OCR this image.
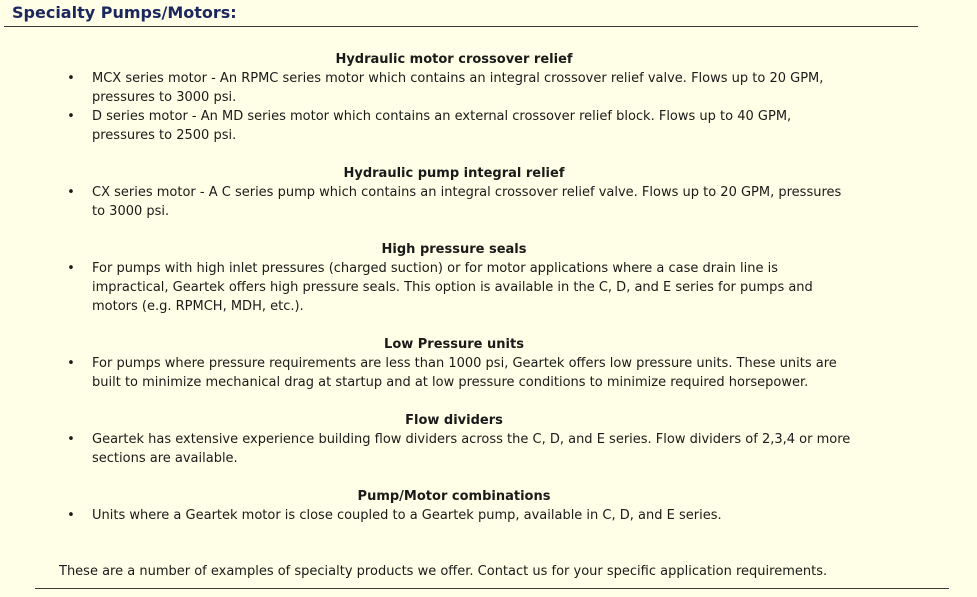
Specialty Pumps/Motors:
Hydraulic motor crossover relief
• MCX series motor - An RPMC series motor which contains an integral crossover relief valve. Flows up to 20 GPM, pressures to 3000 psi.
• D series motor - An MD series motor which contains an external crossover relief block. Flows up to 40 GPM, pressures to 2500 psi.
Hydraulic pump integral relief
• CX series motor - A C series pump which contains an integral crossover relief valve. Flows up to 20 GPM, pressures to 3000 psi.
High pressure seals
• For pumps with high inlet pressures (charged suction) or for motor applications where a case drain line is impractical, Geartek offers high pressure seals. This option is available in the C, D, and E series for pumps and motors (e.g. RPMCH, MDH, etc.).
Low Pressure units
• For pumps where pressure requirements are less than 1000 psi, Geartek offers low pressure units. These units are built to minimize mechanical drag at startup and at low pressure conditions to minimize required horsepower.
Flow dividers
• Geartek has extensive experience building flow dividers across the C, D, and E series. Flow dividers of 2,3,4 or more sections are available.
Pump/Motor combinations
• Units where a Geartek motor is close coupled to a Geartek pump, available in C, D, and E series.
These are a number of examples of specialty products we offer. Contact us for your specific application requirements.
